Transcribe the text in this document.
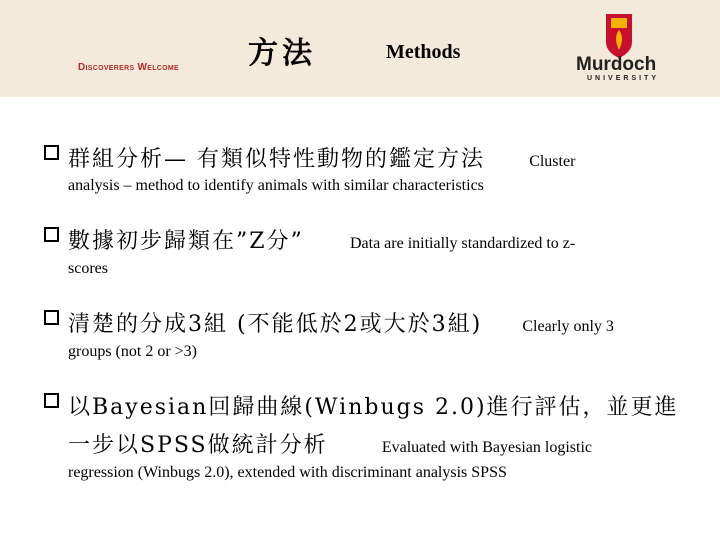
Discoverers Welcome 方法	Methods
Murdoch
UNIVERSITY
群組分析— 有類似特性動物的鑑定方法	Cluster
analysis – method to identify animals with similar characteristics
數據初步歸類在”Z分”	Data are initially standardized to z-
scores
清楚的分成3組 (不能低於2或大於3組)	Clearly only 3
groups (not 2 or >3)
以Bayesian回歸曲線(Winbugs 2.0)進行評估，並更進
一步以SPSS做統計分析	Evaluated with Bayesian logistic
regression (Winbugs 2.0), extended with discriminant analysis SPSS
